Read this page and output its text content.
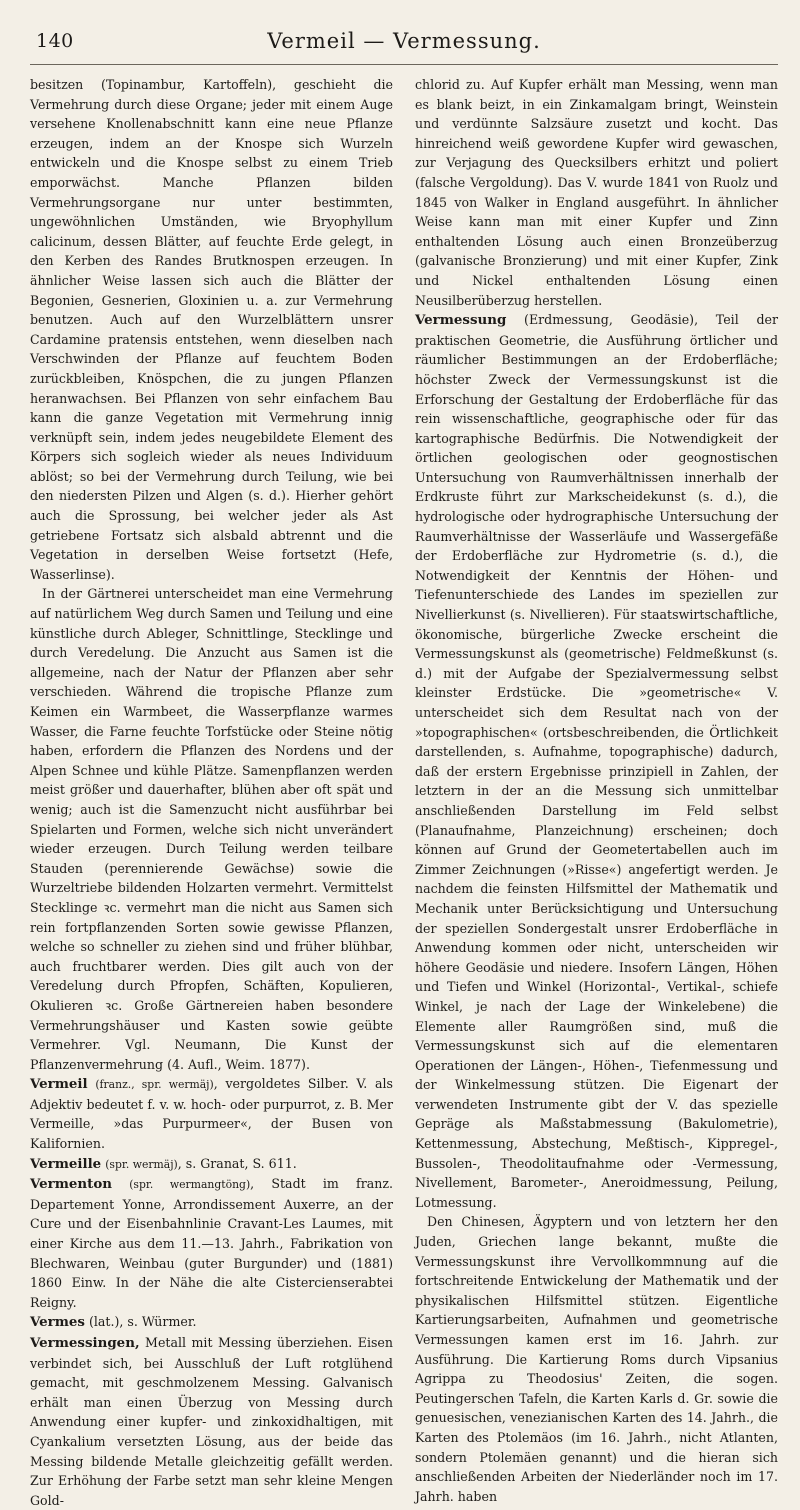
140	Vermeil — Vermessung.

besitzen (Topinambur, Kartoffeln), geschieht die Vermehrung durch diese Organe; jeder mit einem Auge versehene Knollenabschnitt kann eine neue Pflanze erzeugen, indem an der Knospe sich Wurzeln entwickeln und die Knospe selbst zu einem Trieb emporwächst. Manche Pflanzen bilden Vermehrungsorgane nur unter bestimmten, ungewöhnlichen Umständen, wie Bryophyllum calicinum, dessen Blätter, auf feuchte Erde gelegt, in den Kerben des Randes Brutknospen erzeugen. In ähnlicher Weise lassen sich auch die Blätter der Begonien, Gesnerien, Gloxinien u. a. zur Vermehrung benutzen. Auch auf den Wurzelblättern unsrer Cardamine pratensis entstehen, wenn dieselben nach Verschwinden der Pflanze auf feuchtem Boden zurückbleiben, Knöspchen, die zu jungen Pflanzen heranwachsen. Bei Pflanzen von sehr einfachem Bau kann die ganze Vegetation mit Vermehrung innig verknüpft sein, indem jedes neugebildete Element des Körpers sich sogleich wieder als neues Individuum ablöst; so bei der Vermehrung durch Teilung, wie bei den niedersten Pilzen und Algen (s. d.). Hierher gehört auch die Sprossung, bei welcher jeder als Ast getriebene Fortsatz sich alsbald abtrennt und die Vegetation in derselben Weise fortsetzt (Hefe, Wasserlinse).

In der Gärtnerei unterscheidet man eine Vermehrung auf natürlichem Weg durch Samen und Teilung und eine künstliche durch Ableger, Schnittlinge, Stecklinge und durch Veredelung. Die Anzucht aus Samen ist die allgemeine, nach der Natur der Pflanzen aber sehr verschieden. Während die tropische Pflanze zum Keimen ein Warmbeet, die Wasserpflanze warmes Wasser, die Farne feuchte Torfstücke oder Steine nötig haben, erfordern die Pflanzen des Nordens und der Alpen Schnee und kühle Plätze. Samenpflanzen werden meist größer und dauerhafter, blühen aber oft spät und wenig; auch ist die Samenzucht nicht ausführbar bei Spielarten und Formen, welche sich nicht unverändert wieder erzeugen. Durch Teilung werden teilbare Stauden (perennierende Gewächse) sowie die Wurzeltriebe bildenden Holzarten vermehrt. Vermittelst Stecklinge ꝛc. vermehrt man die nicht aus Samen sich rein fortpflanzenden Sorten sowie gewisse Pflanzen, welche so schneller zu ziehen sind und früher blühbar, auch fruchtbarer werden. Dies gilt auch von der Veredelung durch Pfropfen, Schäften, Kopulieren, Okulieren ꝛc. Große Gärtnereien haben besondere Vermehrungshäuser und Kasten sowie geübte Vermehrer. Vgl. Neumann, Die Kunst der Pflanzenvermehrung (4. Aufl., Weim. 1877).

Vermeil (franz., spr. wermäj), vergoldetes Silber. V. als Adjektiv bedeutet f. v. w. hoch- oder purpurrot, z. B. Mer Vermeille, »das Purpurmeer«, der Busen von Kalifornien.

Vermeille (spr. wermäj), s. Granat, S. 611.

Vermenton (spr. wermangtöng), Stadt im franz. Departement Yonne, Arrondissement Auxerre, an der Cure und der Eisenbahnlinie Cravant-Les Laumes, mit einer Kirche aus dem 11.—13. Jahrh., Fabrikation von Blechwaren, Weinbau (guter Burgunder) und (1881) 1860 Einw. In der Nähe die alte Cistercienserabtei Reigny.

Vermes (lat.), s. Würmer.

Vermessingen, Metall mit Messing überziehen. Eisen verbindet sich, bei Ausschluß der Luft rotglühend gemacht, mit geschmolzenem Messing. Galvanisch erhält man einen Überzug von Messing durch Anwendung einer kupfer- und zinkoxidhaltigen, mit Cyankalium versetzten Lösung, aus der beide das Messing bildende Metalle gleichzeitig gefällt werden. Zur Erhöhung der Farbe setzt man sehr kleine Mengen Gold-

chlorid zu. Auf Kupfer erhält man Messing, wenn man es blank beizt, in ein Zinkamalgam bringt, Weinstein und verdünnte Salzsäure zusetzt und kocht. Das hinreichend weiß gewordene Kupfer wird gewaschen, zur Verjagung des Quecksilbers erhitzt und poliert (falsche Vergoldung). Das V. wurde 1841 von Ruolz und 1845 von Walker in England ausgeführt. In ähnlicher Weise kann man mit einer Kupfer und Zinn enthaltenden Lösung auch einen Bronzeüberzug (galvanische Bronzierung) und mit einer Kupfer, Zink und Nickel enthaltenden Lösung einen Neusilberüberzug herstellen.

Vermessung (Erdmessung, Geodäsie), Teil der praktischen Geometrie, die Ausführung örtlicher und räumlicher Bestimmungen an der Erdoberfläche; höchster Zweck der Vermessungskunst ist die Erforschung der Gestaltung der Erdoberfläche für das rein wissenschaftliche, geographische oder für das kartographische Bedürfnis. Die Notwendigkeit der örtlichen geologischen oder geognostischen Untersuchung von Raumverhältnissen innerhalb der Erdkruste führt zur Markscheidekunst (s. d.), die hydrologische oder hydrographische Untersuchung der Raumverhältnisse der Wasserläufe und Wassergefäße der Erdoberfläche zur Hydrometrie (s. d.), die Notwendigkeit der Kenntnis der Höhen- und Tiefenunterschiede des Landes im speziellen zur Nivellierkunst (s. Nivellieren). Für staatswirtschaftliche, ökonomische, bürgerliche Zwecke erscheint die Vermessungskunst als (geometrische) Feldmeßkunst (s. d.) mit der Aufgabe der Spezialvermessung selbst kleinster Erdstücke. Die »geometrische« V. unterscheidet sich dem Resultat nach von der »topographischen« (ortsbeschreibenden, die Örtlichkeit darstellenden, s. Aufnahme, topographische) dadurch, daß der erstern Ergebnisse prinzipiell in Zahlen, der letztern in der an die Messung sich unmittelbar anschließenden Darstellung im Feld selbst (Planaufnahme, Planzeichnung) erscheinen; doch können auf Grund der Geometertabellen auch im Zimmer Zeichnungen (»Risse«) angefertigt werden. Je nachdem die feinsten Hilfsmittel der Mathematik und Mechanik unter Berücksichtigung und Untersuchung der speziellen Sondergestalt unsrer Erdoberfläche in Anwendung kommen oder nicht, unterscheiden wir höhere Geodäsie und niedere. Insofern Längen, Höhen und Tiefen und Winkel (Horizontal-, Vertikal-, schiefe Winkel, je nach der Lage der Winkelebene) die Elemente aller Raumgrößen sind, muß die Vermessungskunst sich auf die elementaren Operationen der Längen-, Höhen-, Tiefenmessung und der Winkelmessung stützen. Die Eigenart der verwendeten Instrumente gibt der V. das spezielle Gepräge als Maßstabmessung (Bakulometrie), Kettenmessung, Abstechung, Meßtisch-, Kippregel-, Bussolen-, Theodolitaufnahme oder -Vermessung, Nivellement, Barometer-, Aneroidmessung, Peilung, Lotmessung.

Den Chinesen, Ägyptern und von letztern her den Juden, Griechen lange bekannt, mußte die Vermessungskunst ihre Vervollkommnung auf die fortschreitende Entwickelung der Mathematik und der physikalischen Hilfsmittel stützen. Eigentliche Kartierungsarbeiten, Aufnahmen und geometrische Vermessungen kamen erst im 16. Jahrh. zur Ausführung. Die Kartierung Roms durch Vipsanius Agrippa zu Theodosius' Zeiten, die sogen. Peutingerschen Tafeln, die Karten Karls d. Gr. sowie die genuesischen, venezianischen Karten des 14. Jahrh., die Karten des Ptolemäos (im 16. Jahrh., nicht Atlanten, sondern Ptolemäen genannt) und die hieran sich anschließenden Arbeiten der Niederländer noch im 17. Jahrh. haben
